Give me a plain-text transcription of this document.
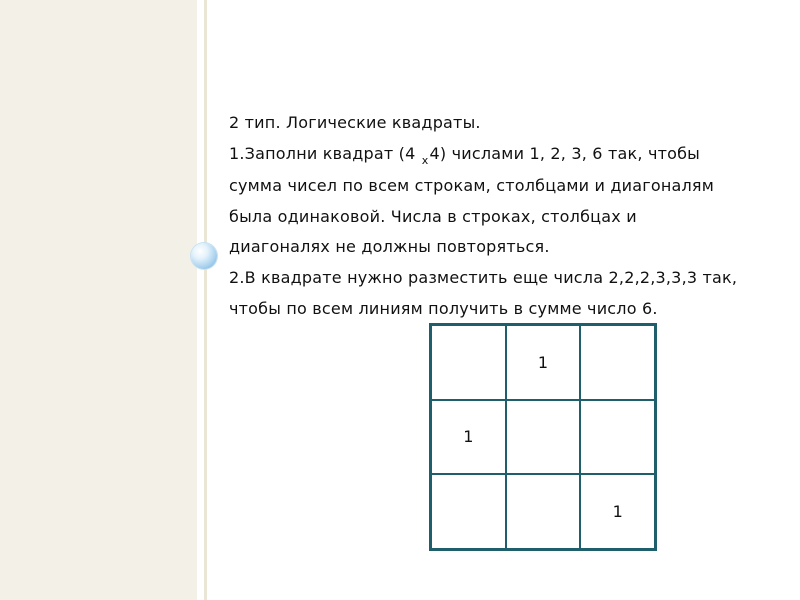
2 тип. Логические квадраты.
1.Заполни квадрат (4 $_х$4) числами 1, 2, 3, 6 так, чтобы
сумма чисел по всем строкам, столбцами и диагоналям
была одинаковой. Числа в строках, столбцах и
диагоналях не должны повторяться.
2.В квадрате нужно разместить еще числа 2,2,2,3,3,3 так,
чтобы по всем линиям получить в сумме число 6.
1
1
1
